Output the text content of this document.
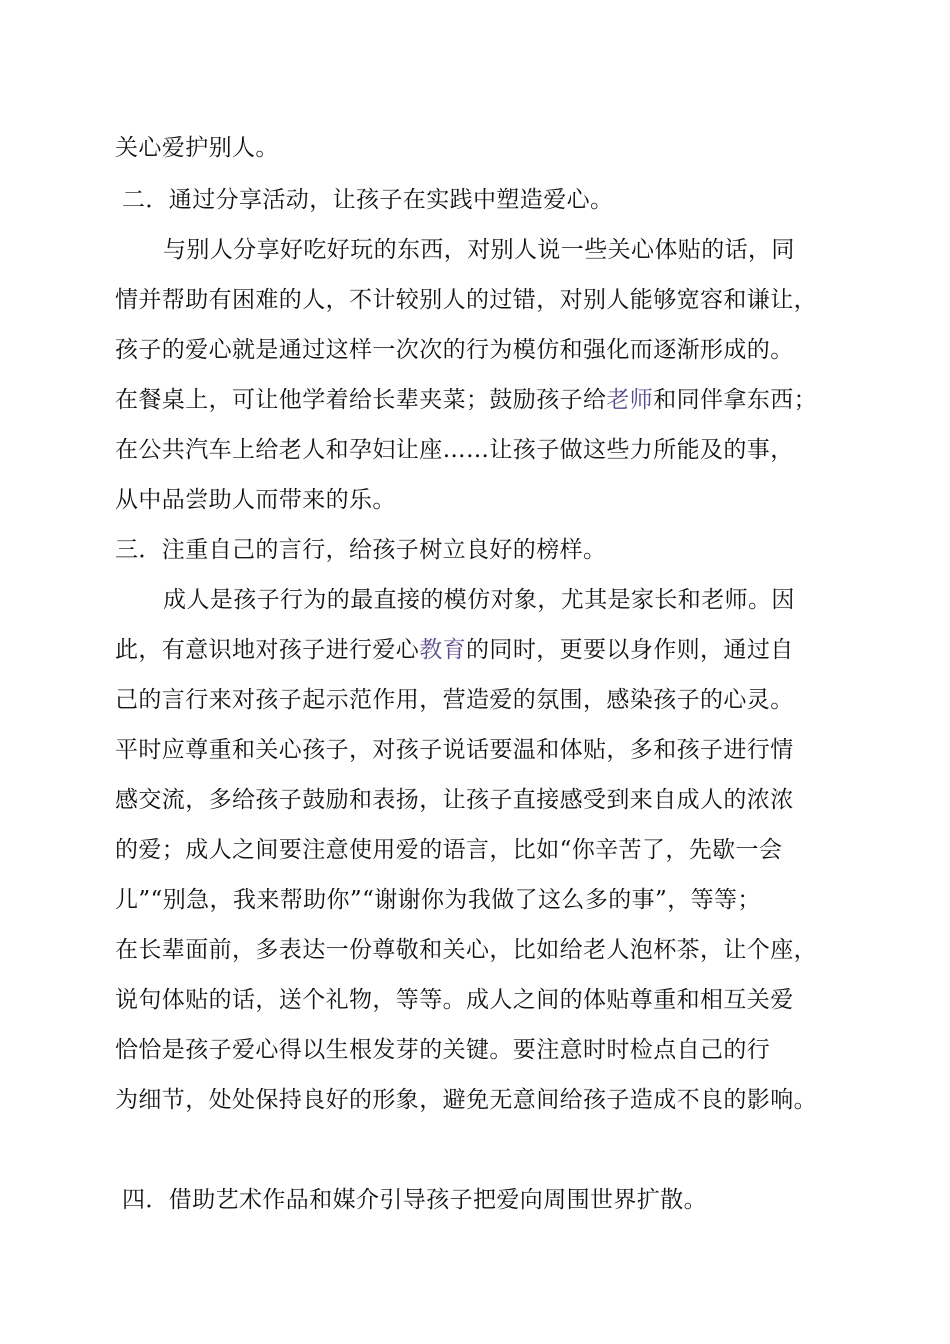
关心爱护别人。
二．通过分享活动，让孩子在实践中塑造爱心。
与别人分享好吃好玩的东西，对别人说一些关心体贴的话，同
情并帮助有困难的人，不计较别人的过错，对别人能够宽容和谦让，
孩子的爱心就是通过这样一次次的行为模仿和强化而逐渐形成的。
在餐桌上，可让他学着给长辈夹菜；鼓励孩子给老师和同伴拿东西；
在公共汽车上给老人和孕妇让座……让孩子做这些力所能及的事，
从中品尝助人而带来的乐。
三．注重自己的言行，给孩子树立良好的榜样。
成人是孩子行为的最直接的模仿对象，尤其是家长和老师。因
此，有意识地对孩子进行爱心教育的同时，更要以身作则，通过自
己的言行来对孩子起示范作用，营造爱的氛围，感染孩子的心灵。
平时应尊重和关心孩子，对孩子说话要温和体贴，多和孩子进行情
感交流，多给孩子鼓励和表扬，让孩子直接感受到来自成人的浓浓
的爱；成人之间要注意使用爱的语言，比如“你辛苦了，先歇一会
儿”“别急，我来帮助你”“谢谢你为我做了这么多的事”，等等；
在长辈面前，多表达一份尊敬和关心，比如给老人泡杯茶，让个座，
说句体贴的话，送个礼物，等等。成人之间的体贴尊重和相互关爱
恰恰是孩子爱心得以生根发芽的关键。要注意时时检点自己的行
为细节，处处保持良好的形象，避免无意间给孩子造成不良的影响。
四．借助艺术作品和媒介引导孩子把爱向周围世界扩散。
